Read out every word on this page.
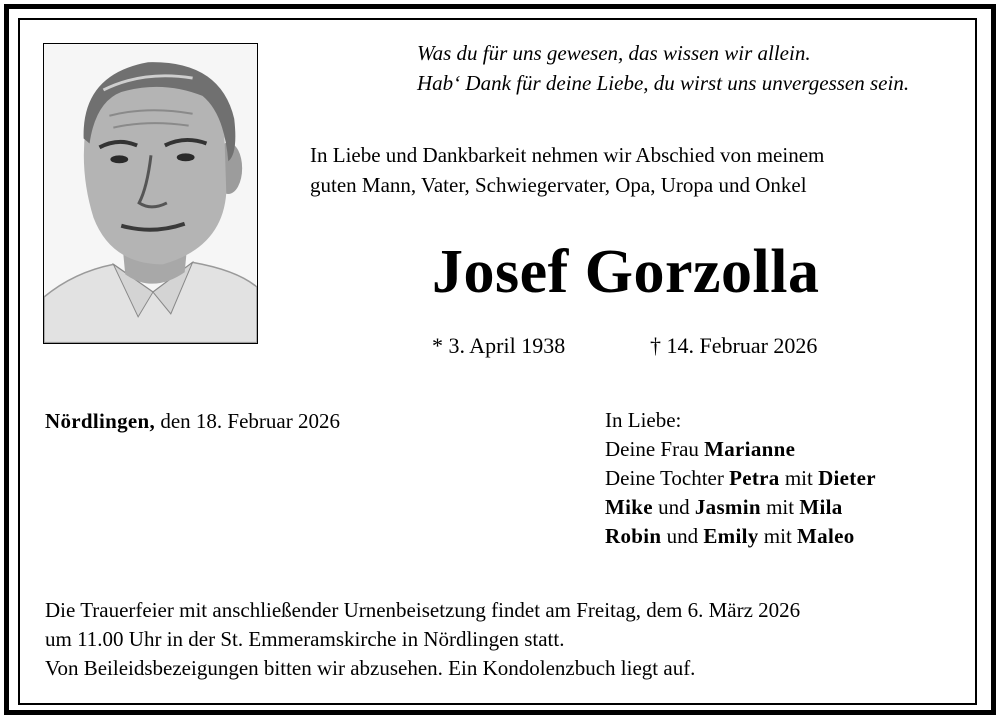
Was du für uns gewesen, das wissen wir allein.
Hab‘ Dank für deine Liebe, du wirst uns unvergessen sein.
In Liebe und Dankbarkeit nehmen wir Abschied von meinem
guten Mann, Vater, Schwiegervater, Opa, Uropa und Onkel
Josef Gorzolla
* 3. April 1938	† 14. Februar 2026
Nördlingen, den 18. Februar 2026	In Liebe:
Deine Frau Marianne
Deine Tochter Petra mit Dieter
Mike und Jasmin mit Mila
Robin und Emily mit Maleo
Die Trauerfeier mit anschließender Urnenbeisetzung findet am Freitag, dem 6. März 2026
um 11.00 Uhr in der St. Emmeramskirche in Nördlingen statt.
Von Beileidsbezeigungen bitten wir abzusehen. Ein Kondolenzbuch liegt auf.
